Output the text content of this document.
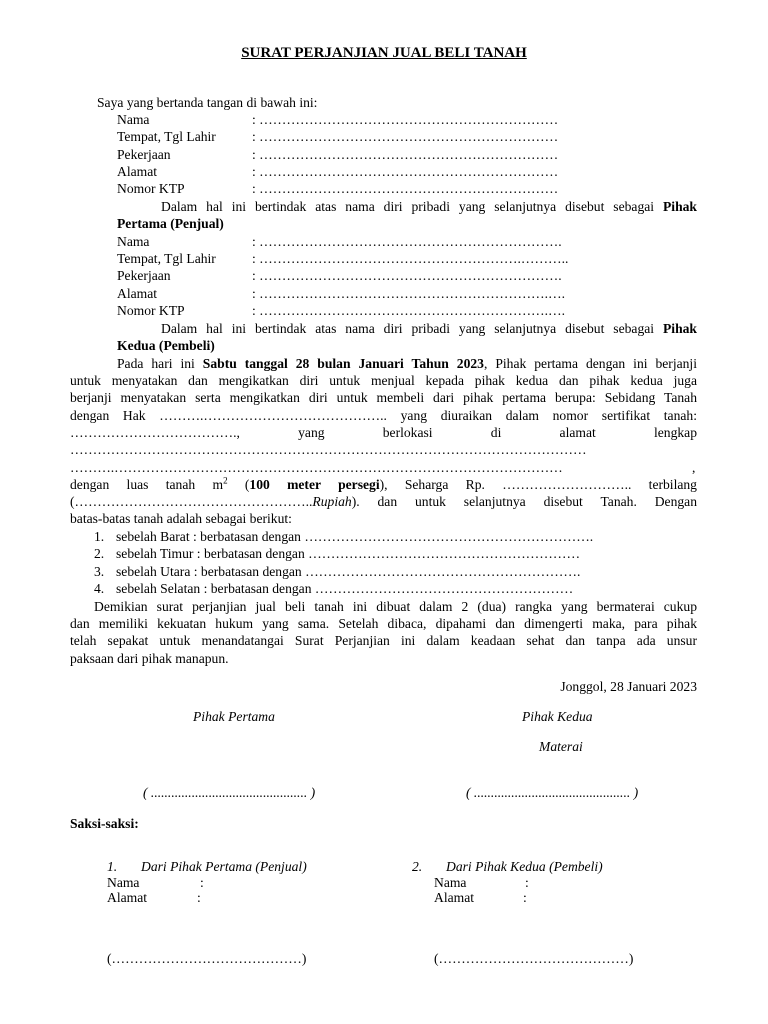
SURAT PERJANJIAN JUAL BELI TANAH
Saya yang bertanda tangan di bawah ini:
Nama	: …………………………………………………………
Tempat, Tgl Lahir	: …………………………………………………………
Pekerjaan	: …………………………………………………………
Alamat	: …………………………………………………………
Nomor KTP	: …………………………………………………………
Dalam hal ini bertindak atas nama diri pribadi yang selanjutnya disebut sebagai Pihak
Pertama (Penjual)
Nama	: ………………………………………………………….
Tempat, Tgl Lahir	: ………………………………………………….………..
Pekerjaan	: ………………………………………………………….
Alamat	: ……………………………………………………….….
Nomor KTP	: ……………………………………………………….….
Dalam hal ini bertindak atas nama diri pribadi yang selanjutnya disebut sebagai Pihak
Kedua (Pembeli)
Pada hari ini Sabtu tanggal 28 bulan Januari Tahun 2023, Pihak pertama dengan ini berjanji
untuk menyatakan dan mengikatkan diri untuk menjual kepada pihak kedua dan pihak kedua juga
berjanji menyatakan serta mengikatkan diri untuk membeli dari pihak pertama berupa: Sebidang Tanah
dengan Hak ……….………………………………….. yang diuraikan dalam nomor sertifikat tanah:
………………………………., yang berlokasi di alamat lengkap
……………………………………………………………………………………………………
……….………………………………………………………………………………………	,
dengan luas tanah $m^2$ (100 meter persegi), Seharga Rp. ……………………….. terbilang
(……………………………………………..Rupiah). dan untuk selanjutnya disebut Tanah. Dengan
batas-batas tanah adalah sebagai berikut:
1. sebelah Barat : berbatasan dengan ……………………………………………………….
2. sebelah Timur : berbatasan dengan ……………………………………………………
3. sebelah Utara : berbatasan dengan …………………………………………………….
4. sebelah Selatan : berbatasan dengan …………………………………………………
Demikian surat perjanjian jual beli tanah ini dibuat dalam 2 (dua) rangka yang bermaterai cukup
dan memiliki kekuatan hukum yang sama. Setelah dibaca, dipahami dan dimengerti maka, para pihak
telah sepakat untuk menandatangai Surat Perjanjian ini dalam keadaan sehat dan tanpa ada unsur
paksaan dari pihak manapun.
Jonggol, 28 Januari 2023
Pihak Pertama	Pihak Kedua
Materai
( .............................................. )	( .............................................. )
Saksi-saksi:
1. Dari Pihak Pertama (Penjual)
Nama	:
Alamat	:
2. Dari Pihak Kedua (Pembeli)
Nama	:
Alamat	:
(……………………………………)	(……………………………………)
